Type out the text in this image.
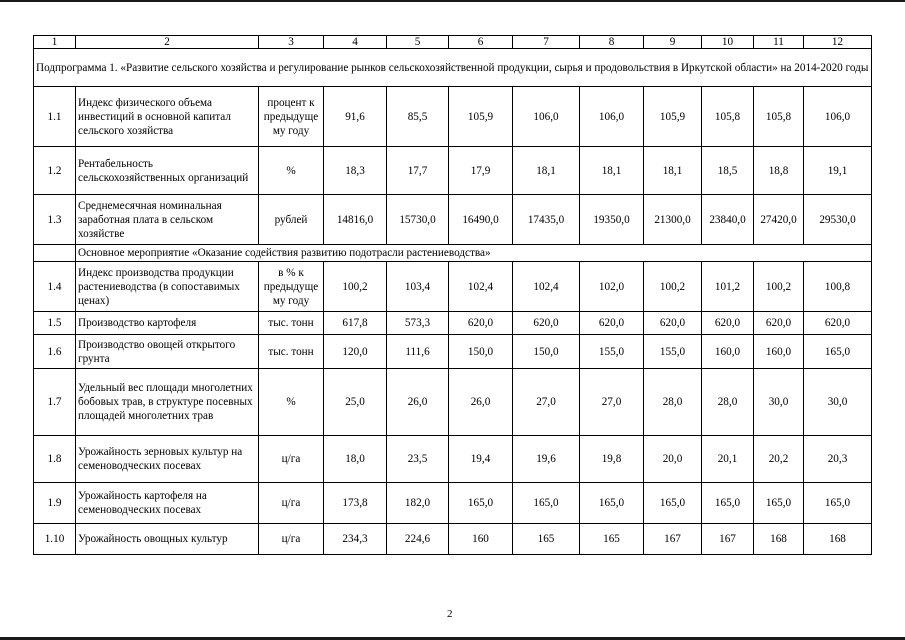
1	2	3	4	5	6	7	8	9	10	11	12
Подпрограмма 1. «Развитие сельского хозяйства и регулирование рынков сельскохозяйственной продукции, сырья и продовольствия в Иркутской области» на 2014-2020 годы											
1.1	Индекс физического объема инвестиций в основной капитал сельского хозяйства	процент к предыдуще му году	91,6	85,5	105,9	106,0	106,0	105,9	105,8	105,8	106,0
1.2	Рентабельность сельскохозяйственных организаций	%	18,3	17,7	17,9	18,1	18,1	18,1	18,5	18,8	19,1
1.3	Среднемесячная номинальная заработная плата в сельском хозяйстве	рублей	14816,0	15730,0	16490,0	17435,0	19350,0	21300,0	23840,0	27420,0	29530,0
	Основное мероприятие «Оказание содействия развитию подотрасли растениеводства»										
1.4	Индекс производства продукции растениеводства (в сопоставимых ценах)	в % к предыдуще му году	100,2	103,4	102,4	102,4	102,0	100,2	101,2	100,2	100,8
1.5	Производство картофеля	тыс. тонн	617,8	573,3	620,0	620,0	620,0	620,0	620,0	620,0	620,0
1.6	Производство овощей открытого грунта	тыс. тонн	120,0	111,6	150,0	150,0	155,0	155,0	160,0	160,0	165,0
1.7	Удельный вес площади многолетних бобовых трав, в структуре посевных площадей многолетних трав	%	25,0	26,0	26,0	27,0	27,0	28,0	28,0	30,0	30,0
1.8	Урожайность зерновых культур на семеноводческих посевах	ц/га	18,0	23,5	19,4	19,6	19,8	20,0	20,1	20,2	20,3
1.9	Урожайность картофеля на семеноводческих посевах	ц/га	173,8	182,0	165,0	165,0	165,0	165,0	165,0	165,0	165,0
1.10	Урожайность овощных культур	ц/га	234,3	224,6	160	165	165	167	167	168	168
2
